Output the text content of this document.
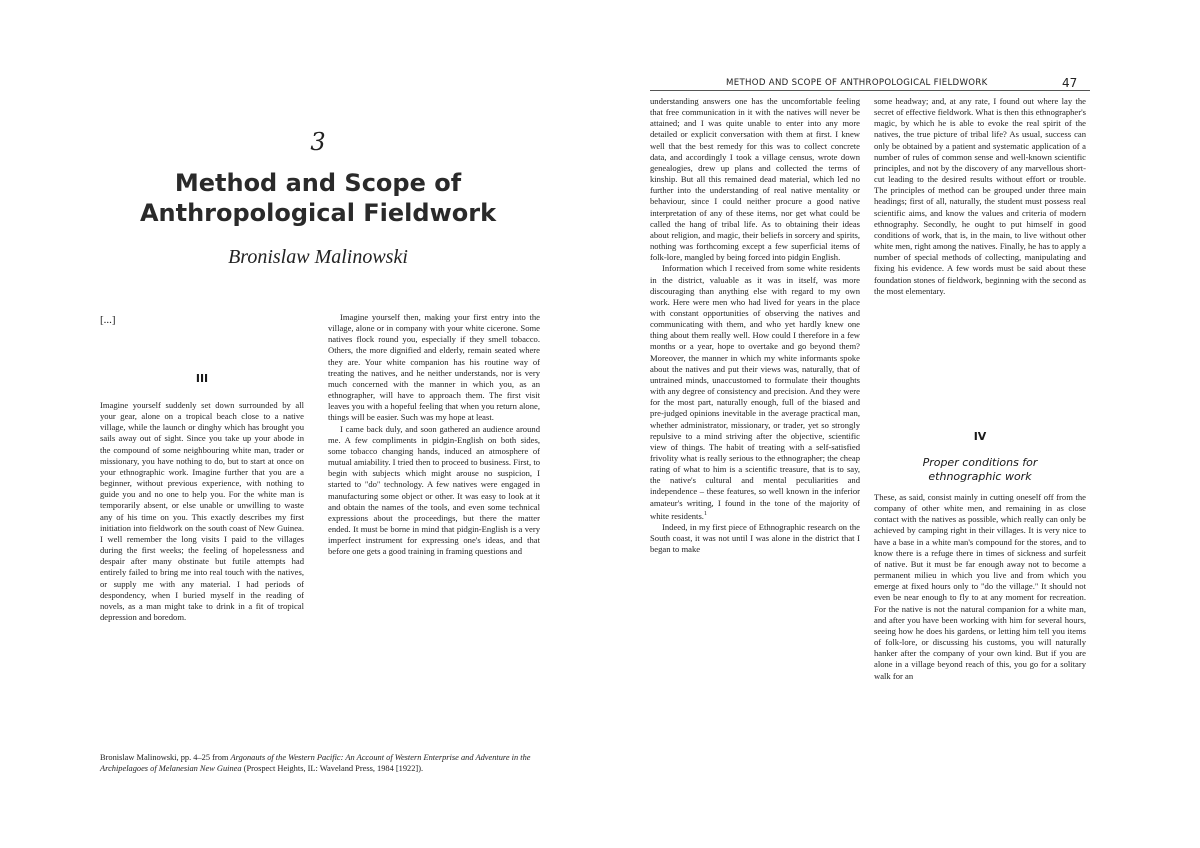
3
Method and Scope of
Anthropological Fieldwork
Bronislaw Malinowski
[...]
III

Imagine yourself suddenly set down surrounded by all your gear, alone on a tropical beach close to a native village, while the launch or dinghy which has brought you sails away out of sight. Since you take up your abode in the compound of some neighbouring white man, trader or missionary, you have nothing to do, but to start at once on your ethnographic work. Imagine further that you are a beginner, without previous experience, with nothing to guide you and no one to help you. For the white man is temporarily absent, or else unable or unwilling to waste any of his time on you. This exactly describes my first initiation into fieldwork on the south coast of New Guinea. I well remember the long visits I paid to the villages during the first weeks; the feeling of hopelessness and despair after many obstinate but futile attempts had entirely failed to bring me into real touch with the natives, or supply me with any material. I had periods of despondency, when I buried myself in the reading of novels, as a man might take to drink in a fit of tropical depression and boredom.

Imagine yourself then, making your first entry into the village, alone or in company with your white cicerone. Some natives flock round you, especially if they smell tobacco. Others, the more dignified and elderly, remain seated where they are. Your white companion has his routine way of treating the natives, and he neither understands, nor is very much concerned with the manner in which you, as an ethnographer, will have to approach them. The first visit leaves you with a hopeful feeling that when you return alone, things will be easier. Such was my hope at least.

I came back duly, and soon gathered an audience around me. A few compliments in pidgin-English on both sides, some tobacco changing hands, induced an atmosphere of mutual amiability. I tried then to proceed to business. First, to begin with subjects which might arouse no suspicion, I started to "do" technology. A few natives were engaged in manufacturing some object or other. It was easy to look at it and obtain the names of the tools, and even some technical expressions about the proceedings, but there the matter ended. It must be borne in mind that pidgin-English is a very imperfect instrument for expressing one's ideas, and that before one gets a good training in framing questions and

Bronislaw Malinowski, pp. 4–25 from Argonauts of the Western Pacific: An Account of Western Enterprise and Adventure in the Archipelagoes of Melanesian New Guinea (Prospect Heights, IL: Waveland Press, 1984 [1922]).
METHOD AND SCOPE OF ANTHROPOLOGICAL FIELDWORK	47

understanding answers one has the uncomfortable feeling that free communication in it with the natives will never be attained; and I was quite unable to enter into any more detailed or explicit conversation with them at first. I knew well that the best remedy for this was to collect concrete data, and accordingly I took a village census, wrote down genealogies, drew up plans and collected the terms of kinship. But all this remained dead material, which led no further into the understanding of real native mentality or behaviour, since I could neither procure a good native interpretation of any of these items, nor get what could be called the hang of tribal life. As to obtaining their ideas about religion, and magic, their beliefs in sorcery and spirits, nothing was forthcoming except a few superficial items of folk-lore, mangled by being forced into pidgin English.

Information which I received from some white residents in the district, valuable as it was in itself, was more discouraging than anything else with regard to my own work. Here were men who had lived for years in the place with constant opportunities of observing the natives and communicating with them, and who yet hardly knew one thing about them really well. How could I therefore in a few months or a year, hope to overtake and go beyond them? Moreover, the manner in which my white informants spoke about the natives and put their views was, naturally, that of untrained minds, unaccustomed to formulate their thoughts with any degree of consistency and precision. And they were for the most part, naturally enough, full of the biased and pre-judged opinions inevitable in the average practical man, whether administrator, missionary, or trader, yet so strongly repulsive to a mind striving after the objective, scientific view of things. The habit of treating with a self-satisfied frivolity what is really serious to the ethnographer; the cheap rating of what to him is a scientific treasure, that is to say, the native's cultural and mental peculiarities and independence – these features, so well known in the inferior amateur's writing, I found in the tone of the majority of white residents.$^1$

Indeed, in my first piece of Ethnographic research on the South coast, it was not until I was alone in the district that I began to make

some headway; and, at any rate, I found out where lay the secret of effective fieldwork. What is then this ethnographer's magic, by which he is able to evoke the real spirit of the natives, the true picture of tribal life? As usual, success can only be obtained by a patient and systematic application of a number of rules of common sense and well-known scientific principles, and not by the discovery of any marvellous short-cut leading to the desired results without effort or trouble. The principles of method can be grouped under three main headings; first of all, naturally, the student must possess real scientific aims, and know the values and criteria of modern ethnography. Secondly, he ought to put himself in good conditions of work, that is, in the main, to live without other white men, right among the natives. Finally, he has to apply a number of special methods of collecting, manipulating and fixing his evidence. A few words must be said about these foundation stones of fieldwork, beginning with the second as the most elementary.

IV
Proper conditions for
ethnographic work

These, as said, consist mainly in cutting oneself off from the company of other white men, and remaining in as close contact with the natives as possible, which really can only be achieved by camping right in their villages. It is very nice to have a base in a white man's compound for the stores, and to know there is a refuge there in times of sickness and surfeit of native. But it must be far enough away not to become a permanent milieu in which you live and from which you emerge at fixed hours only to "do the village." It should not even be near enough to fly to at any moment for recreation. For the native is not the natural companion for a white man, and after you have been working with him for several hours, seeing how he does his gardens, or letting him tell you items of folk-lore, or discussing his customs, you will naturally hanker after the company of your own kind. But if you are alone in a village beyond reach of this, you go for a solitary walk for an
